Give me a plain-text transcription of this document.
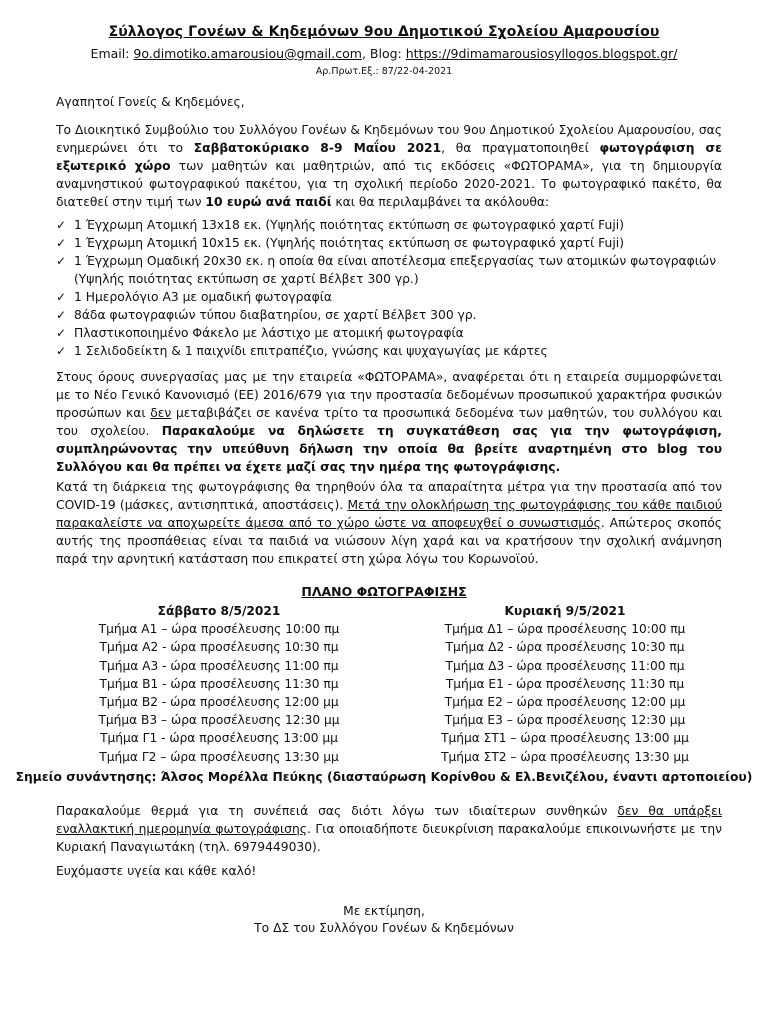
Σύλλογος Γονέων & Κηδεμόνων 9ου Δημοτικού Σχολείου Αμαρουσίου
Email: 9o.dimotiko.amarousiou@gmail.com, Blog: https://9dimamarousiosyllogos.blogspot.gr/
Αρ.Πρωτ.Εξ.: 87/22-04-2021
Αγαπητοί Γονείς & Κηδεμόνες,
Το Διοικητικό Συμβούλιο του Συλλόγου Γονέων & Κηδεμόνων του 9ου Δημοτικού Σχολείου Αμαρουσίου, σας ενημερώνει ότι το Σαββατοκύριακο 8-9 Μαΐου 2021, θα πραγματοποιηθεί φωτογράφιση σε εξωτερικό χώρο των μαθητών και μαθητριών, από τις εκδόσεις «ΦΩΤΟΡΑΜΑ», για τη δημιουργία αναμνηστικού φωτογραφικού πακέτου, για τη σχολική περίοδο 2020-2021. Το φωτογραφικό πακέτο, θα διατεθεί στην τιμή των 10 ευρώ ανά παιδί και θα περιλαμβάνει τα ακόλουθα:
✓ 1 Έγχρωμη Ατομική 13x18 εκ. (Υψηλής ποιότητας εκτύπωση σε φωτογραφικό χαρτί Fuji)
✓ 1 Έγχρωμη Ατομική 10x15 εκ. (Υψηλής ποιότητας εκτύπωση σε φωτογραφικό χαρτί Fuji)
✓ 1 Έγχρωμη Ομαδική 20x30 εκ. η οποία θα είναι αποτέλεσμα επεξεργασίας των ατομικών φωτογραφιών (Υψηλής ποιότητας εκτύπωση σε χαρτί Βέλβετ 300 γρ.)
✓ 1 Ημερολόγιο Α3 με ομαδική φωτογραφία
✓ 8άδα φωτογραφιών τύπου διαβατηρίου, σε χαρτί Βέλβετ 300 γρ.
✓ Πλαστικοποιημένο Φάκελο με λάστιχο με ατομική φωτογραφία
✓ 1 Σελιδοδείκτη & 1 παιχνίδι επιτραπέζιο, γνώσης και ψυχαγωγίας με κάρτες
Στους όρους συνεργασίας μας με την εταιρεία «ΦΩΤΟΡΑΜΑ», αναφέρεται ότι η εταιρεία συμμορφώνεται με το Νέο Γενικό Κανονισμό (ΕΕ) 2016/679 για την προστασία δεδομένων προσωπικού χαρακτήρα φυσικών προσώπων και δεν μεταβιβάζει σε κανένα τρίτο τα προσωπικά δεδομένα των μαθητών, του συλλόγου και του σχολείου. Παρακαλούμε να δηλώσετε τη συγκατάθεση σας για την φωτογράφιση, συμπληρώνοντας την υπεύθυνη δήλωση την οποία θα βρείτε αναρτημένη στο blog του Συλλόγου και θα πρέπει να έχετε μαζί σας την ημέρα της φωτογράφισης.
Κατά τη διάρκεια της φωτογράφισης θα τηρηθούν όλα τα απαραίτητα μέτρα για την προστασία από τον COVID-19 (μάσκες, αντισηπτικά, αποστάσεις). Μετά την ολοκλήρωση της φωτογράφισης του κάθε παιδιού παρακαλείστε να αποχωρείτε άμεσα από το χώρο ώστε να αποφευχθεί ο συνωστισμός. Απώτερος σκοπός αυτής της προσπάθειας είναι τα παιδιά να νιώσουν λίγη χαρά και να κρατήσουν την σχολική ανάμνηση παρά την αρνητική κατάσταση που επικρατεί στη χώρα λόγω του Κορωνοϊού.
ΠΛΑΝΟ ΦΩΤΟΓΡΑΦΙΣΗΣ
Σάββατο 8/5/2021
Τμήμα Α1 – ώρα προσέλευσης 10:00 πμ
Τμήμα Α2 - ώρα προσέλευσης 10:30 πμ
Τμήμα Α3 - ώρα προσέλευσης 11:00 πμ
Τμήμα Β1 - ώρα προσέλευσης 11:30 πμ
Τμήμα Β2 - ώρα προσέλευσης 12:00 μμ
Τμήμα Β3 – ώρα προσέλευσης 12:30 μμ
Τμήμα Γ1 - ώρα προσέλευσης 13:00 μμ
Τμήμα Γ2 – ώρα προσέλευσης 13:30 μμ
Κυριακή 9/5/2021
Τμήμα Δ1 – ώρα προσέλευσης 10:00 πμ
Τμήμα Δ2 - ώρα προσέλευσης 10:30 πμ
Τμήμα Δ3 - ώρα προσέλευσης 11:00 πμ
Τμήμα Ε1 - ώρα προσέλευσης 11:30 πμ
Τμήμα Ε2 – ώρα προσέλευσης 12:00 μμ
Τμήμα Ε3 – ώρα προσέλευσης 12:30 μμ
Τμήμα ΣΤ1 – ώρα προσέλευσης 13:00 μμ
Τμήμα ΣΤ2 – ώρα προσέλευσης 13:30 μμ
Σημείο συνάντησης: Άλσος Μορέλλα Πεύκης (διασταύρωση Κορίνθου & Ελ.Βενιζέλου, έναντι αρτοποιείου)
Παρακαλούμε θερμά για τη συνέπειά σας διότι λόγω των ιδιαίτερων συνθηκών δεν θα υπάρξει εναλλακτική ημερομηνία φωτογράφισης. Για οποιαδήποτε διευκρίνιση παρακαλούμε επικοινωνήστε με την Κυριακή Παναγιωτάκη (τηλ. 6979449030).
Ευχόμαστε υγεία και κάθε καλό!
Με εκτίμηση,
Το ΔΣ του Συλλόγου Γονέων & Κηδεμόνων
